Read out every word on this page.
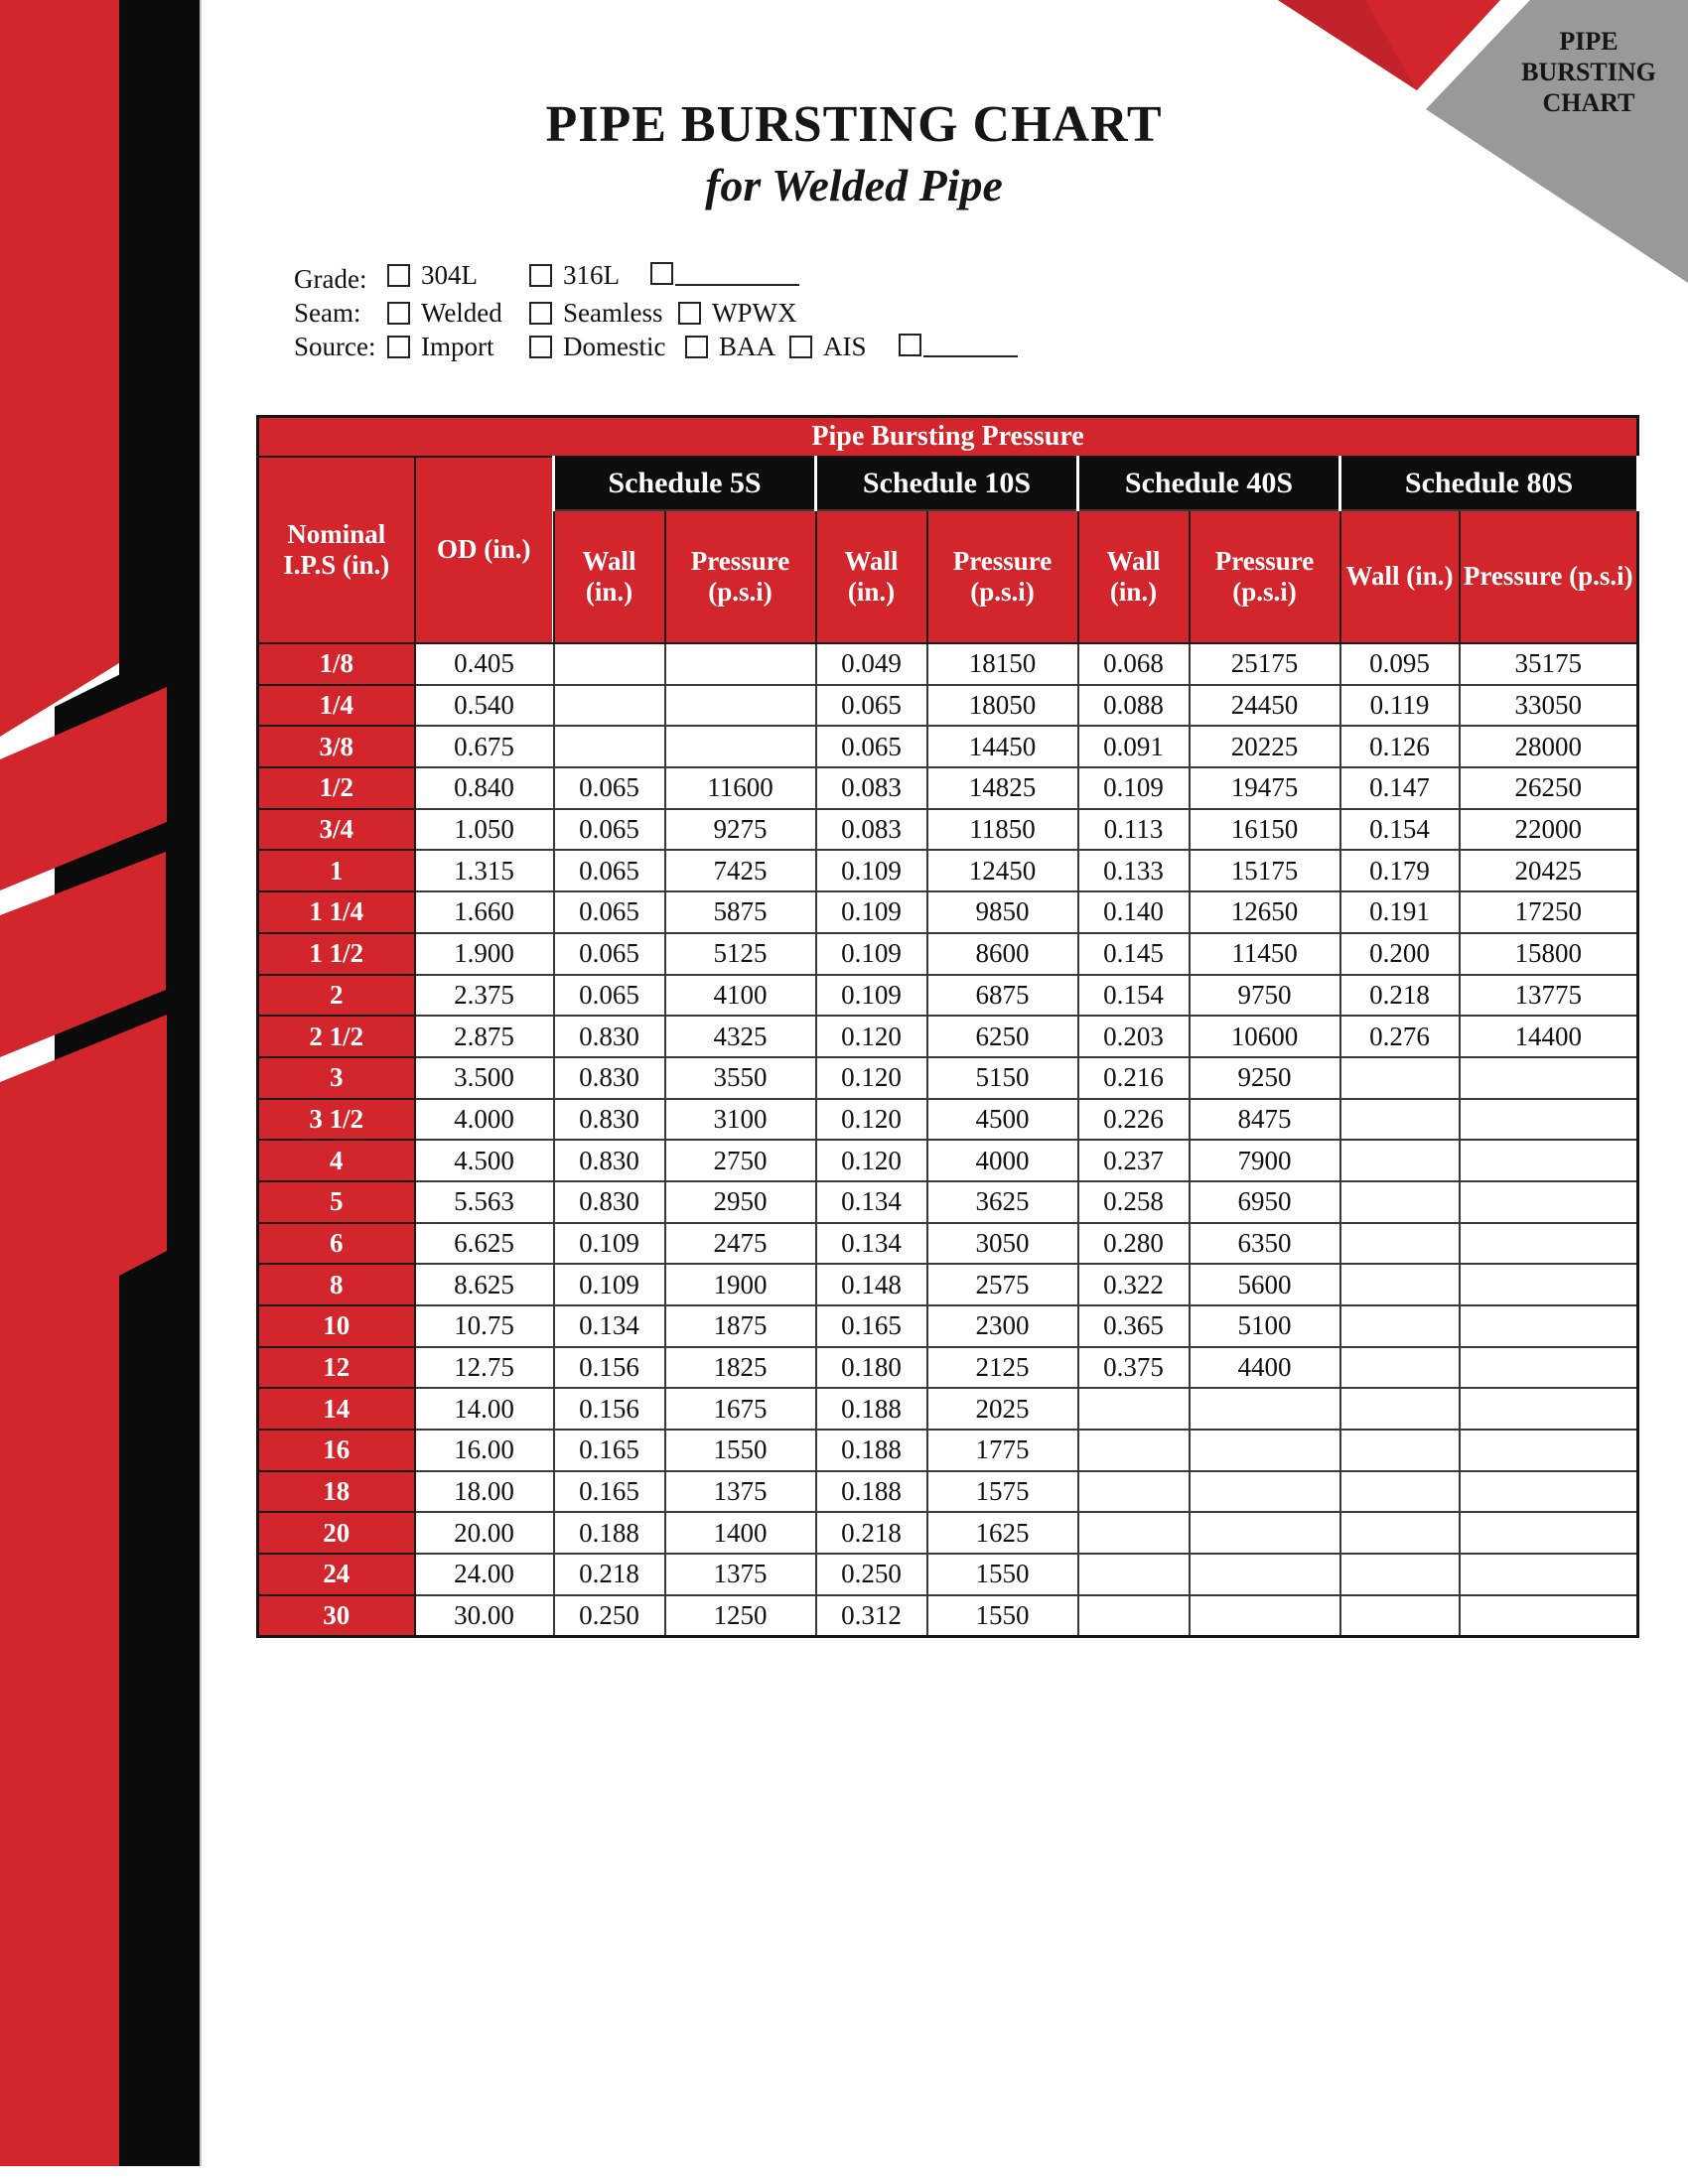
PIPE
BURSTING
CHART
PIPE BURSTING CHART
for Welded Pipe
Grade: 304L	316L
Seam: Welded Seamless WPWX
Source: Import	Domestic BAA AIS
Pipe Bursting Pressure									
Nominal I.P.S (in.)	OD (in.)	Schedule 5S		Schedule 10S		Schedule 40S		Schedule 80S	
		Wall (in.)	Pressure (p.s.i)	Wall (in.)	Pressure (p.s.i)	Wall (in.)	Pressure (p.s.i)	Wall (in.)	Pressure (p.s.i)
1/8	0.405			0.049	18150	0.068	25175	0.095	35175
1/4	0.540			0.065	18050	0.088	24450	0.119	33050
3/8	0.675			0.065	14450	0.091	20225	0.126	28000
1/2	0.840	0.065	11600	0.083	14825	0.109	19475	0.147	26250
3/4	1.050	0.065	9275	0.083	11850	0.113	16150	0.154	22000
1	1.315	0.065	7425	0.109	12450	0.133	15175	0.179	20425
1 1/4	1.660	0.065	5875	0.109	9850	0.140	12650	0.191	17250
1 1/2	1.900	0.065	5125	0.109	8600	0.145	11450	0.200	15800
2	2.375	0.065	4100	0.109	6875	0.154	9750	0.218	13775
2 1/2	2.875	0.830	4325	0.120	6250	0.203	10600	0.276	14400
3	3.500	0.830	3550	0.120	5150	0.216	9250		
3 1/2	4.000	0.830	3100	0.120	4500	0.226	8475		
4	4.500	0.830	2750	0.120	4000	0.237	7900		
5	5.563	0.830	2950	0.134	3625	0.258	6950		
6	6.625	0.109	2475	0.134	3050	0.280	6350		
8	8.625	0.109	1900	0.148	2575	0.322	5600		
10	10.75	0.134	1875	0.165	2300	0.365	5100		
12	12.75	0.156	1825	0.180	2125	0.375	4400		
14	14.00	0.156	1675	0.188	2025				
16	16.00	0.165	1550	0.188	1775				
18	18.00	0.165	1375	0.188	1575				
20	20.00	0.188	1400	0.218	1625				
24	24.00	0.218	1375	0.250	1550				
30	30.00	0.250	1250	0.312	1550				
